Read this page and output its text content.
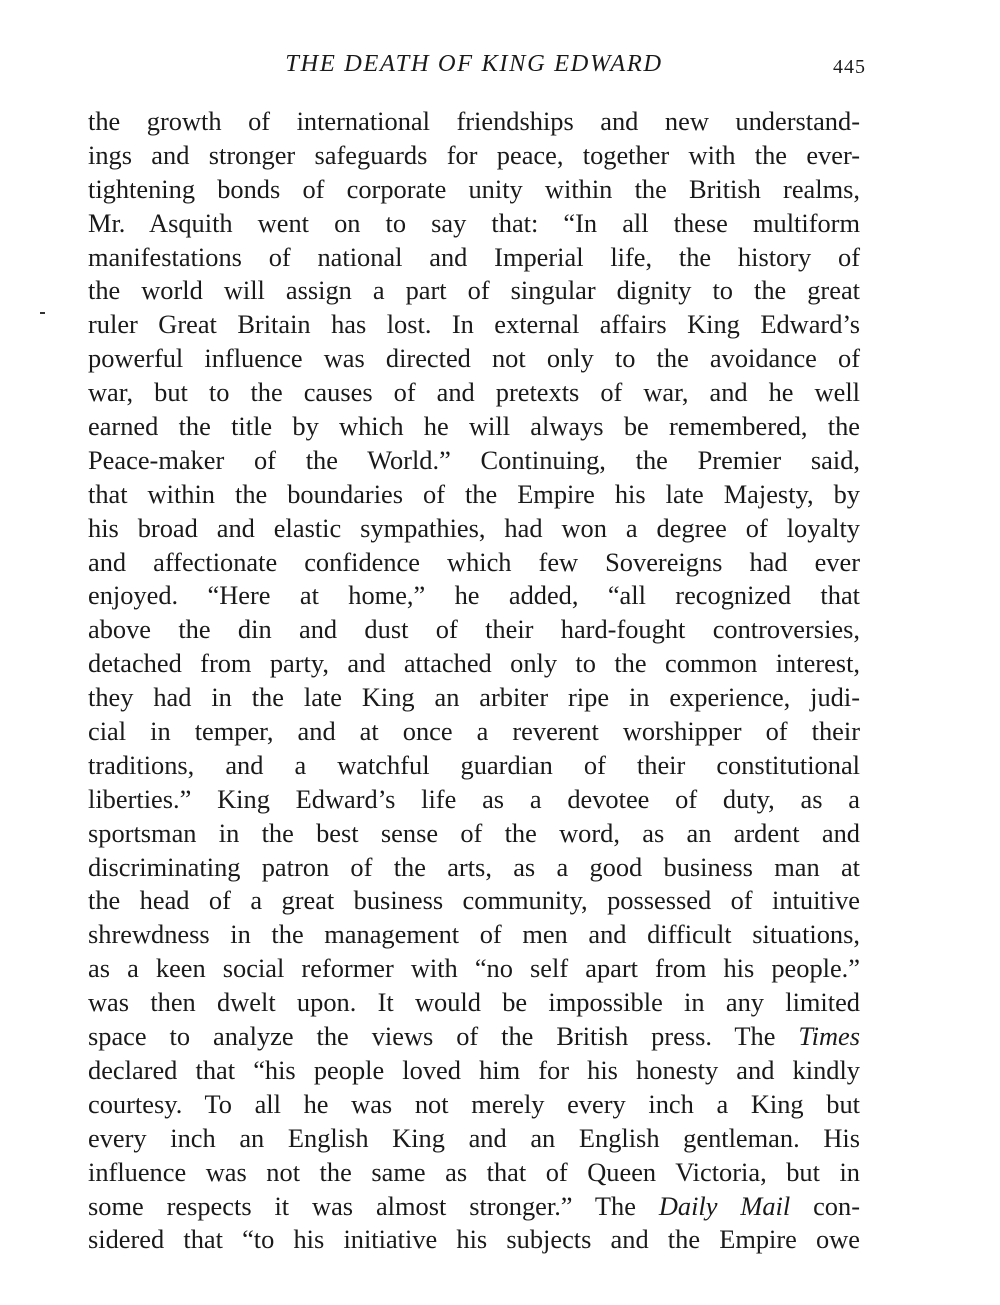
THE DEATH OF KING EDWARD	445
the growth of international friendships and new understand-
ings and stronger safeguards for peace, together with the ever-
tightening bonds of corporate unity within the British realms,
Mr. Asquith went on to say that: “In all these multiform
manifestations of national and Imperial life, the history of
the world will assign a part of singular dignity to the great
ruler Great Britain has lost. In external affairs King Edward’s
powerful influence was directed not only to the avoidance of
war, but to the causes of and pretexts of war, and he well
earned the title by which he will always be remembered, the
Peace-maker of the World.” Continuing, the Premier said,
that within the boundaries of the Empire his late Majesty, by
his broad and elastic sympathies, had won a degree of loyalty
and affectionate confidence which few Sovereigns had ever
enjoyed. “Here at home,” he added, “all recognized that
above the din and dust of their hard-fought controversies,
detached from party, and attached only to the common interest,
they had in the late King an arbiter ripe in experience, judi-
cial in temper, and at once a reverent worshipper of their
traditions, and a watchful guardian of their constitutional
liberties.” King Edward’s life as a devotee of duty, as a
sportsman in the best sense of the word, as an ardent and
discriminating patron of the arts, as a good business man at
the head of a great business community, possessed of intuitive
shrewdness in the management of men and difficult situations,
as a keen social reformer with “no self apart from his people.”
was then dwelt upon. It would be impossible in any limited
space to analyze the views of the British press. The Times
declared that “his people loved him for his honesty and kindly
courtesy. To all he was not merely every inch a King but
every inch an English King and an English gentleman. His
influence was not the same as that of Queen Victoria, but in
some respects it was almost stronger.” The Daily Mail con-
sidered that “to his initiative his subjects and the Empire owe
